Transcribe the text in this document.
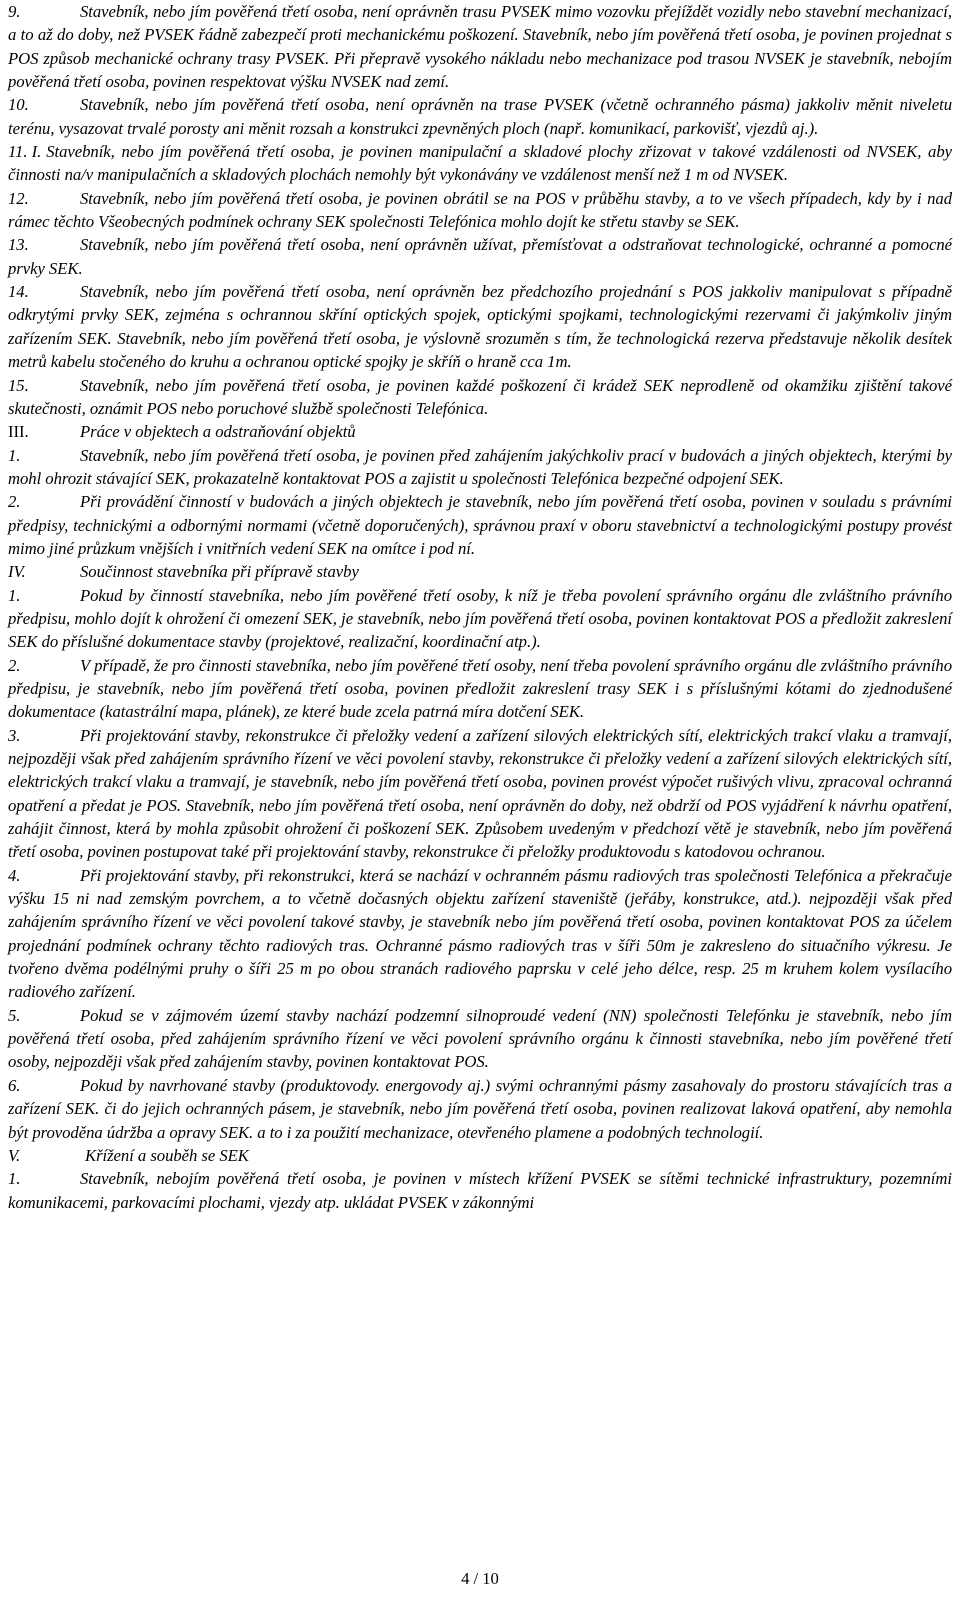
9.	Stavebník, nebo jím pověřená třetí osoba, není oprávněn trasu PVSEK mimo vozovku přejíždět vozidly nebo stavební mechanizací, a to až do doby, než PVSEK řádně zabezpečí proti mechanickému poškození. Stavebník, nebo jím pověřená třetí osoba, je povinen projednat s POS způsob mechanické ochrany trasy PVSEK. Při přepravě vysokého nákladu nebo mechanizace pod trasou NVSEK je stavebník, nebojím pověřená třetí osoba, povinen respektovat výšku NVSEK nad zemí.

10.	Stavebník, nebo jím pověřená třetí osoba, není oprávněn na trase PVSEK (včetně ochranného pásma) jakkoliv měnit niveletu terénu, vysazovat trvalé porosty ani měnit rozsah a konstrukci zpevněných ploch (např. komunikací, parkovišť, vjezdů aj.).

11. I. Stavebník, nebo jím pověřená třetí osoba, je povinen manipulační a skladové plochy zřizovat v takové vzdálenosti od NVSEK, aby činnosti na/v manipulačních a skladových plochách nemohly být vykonávány ve vzdálenost menší než 1 m od NVSEK.

12.	Stavebník, nebo jím pověřená třetí osoba, je povinen obrátil se na POS v průběhu stavby, a to ve všech případech, kdy by i nad rámec těchto Všeobecných podmínek ochrany SEK společnosti Telefónica mohlo dojít ke střetu stavby se SEK.

13.	Stavebník, nebo jím pověřená třetí osoba, není oprávněn užívat, přemísťovat a odstraňovat technologické, ochranné a pomocné prvky SEK.

14.	Stavebník, nebo jím pověřená třetí osoba, není oprávněn bez předchozího projednání s POS jakkoliv manipulovat s případně odkrytými prvky SEK, zejména s ochrannou skříní optických spojek, optickými spojkami, technologickými rezervami či jakýmkoliv jiným zařízením SEK. Stavebník, nebo jím pověřená třetí osoba, je výslovně srozuměn s tím, že technologická rezerva představuje několik desítek metrů kabelu stočeného do kruhu a ochranou optické spojky je skříň o hraně cca 1m.

15.	Stavebník, nebo jím pověřená třetí osoba, je povinen každé poškození či krádež SEK neprodleně od okamžiku zjištění takové skutečnosti, oznámit POS nebo poruchové službě společnosti Telefónica.

III.	Práce v objektech a odstraňování objektů

1.	Stavebník, nebo jím pověřená třetí osoba, je povinen před zahájením jakýchkoliv prací v budovách a jiných objektech, kterými by mohl ohrozit stávající SEK, prokazatelně kontaktovat POS a zajistit u společnosti Telefónica bezpečné odpojení SEK.

2.	Při provádění činností v budovách a jiných objektech je stavebník, nebo jím pověřená třetí osoba, povinen v souladu s právními předpisy, technickými a odbornými normami (včetně doporučených), správnou praxí v oboru stavebnictví a technologickými postupy provést mimo jiné průzkum vnějších i vnitřních vedení SEK na omítce i pod ní.

IV.	Součinnost stavebníka při přípravě stavby

1.	Pokud by činností stavebníka, nebo jím pověřené třetí osoby, k níž je třeba povolení správního orgánu dle zvláštního právního předpisu, mohlo dojít k ohrožení či omezení SEK, je stavebník, nebo jím pověřená třetí osoba, povinen kontaktovat POS a předložit zakreslení SEK do příslušné dokumentace stavby (projektové, realizační, koordinační atp.).

2.	V případě, že pro činnosti stavebníka, nebo jím pověřené třetí osoby, není třeba povolení správního orgánu dle zvláštního právního předpisu, je stavebník, nebo jím pověřená třetí osoba, povinen předložit zakreslení trasy SEK i s příslušnými kótami do zjednodušené dokumentace (katastrální mapa, plánek), ze které bude zcela patrná míra dotčení SEK.

3.	Při projektování stavby, rekonstrukce či přeložky vedení a zařízení silových elektrických sítí, elektrických trakcí vlaku a tramvají, nejpozději však před zahájením správního řízení ve věci povolení stavby, rekonstrukce či přeložky vedení a zařízení silových elektrických sítí, elektrických trakcí vlaku a tramvají, je stavebník, nebo jím pověřená třetí osoba, povinen provést výpočet rušivých vlivu, zpracoval ochranná opatření a předat je POS. Stavebník, nebo jím pověřená třetí osoba, není oprávněn do doby, než obdrží od POS vyjádření k návrhu opatření, zahájit činnost, která by mohla způsobit ohrožení či poškození SEK. Způsobem uvedeným v předchozí větě je stavebník, nebo jím pověřená třetí osoba, povinen postupovat také při projektování stavby, rekonstrukce či přeložky produktovodu s katodovou ochranou.

4.	Při projektování stavby, při rekonstrukci, která se nachází v ochranném pásmu radiových tras společnosti Telefónica a překračuje výšku 15 ni nad zemským povrchem, a to včetně dočasných objektu zařízení staveniště (jeřáby, konstrukce, atd.). nejpozději však před zahájením správního řízení ve věci povolení takové stavby, je stavebník nebo jím pověřená třetí osoba, povinen kontaktovat POS za účelem projednání podmínek ochrany těchto radiových tras. Ochranné pásmo radiových tras v šíři 50m je zakresleno do situačního výkresu. Je tvořeno dvěma podélnými pruhy o šíři 25 m po obou stranách radiového paprsku v celé jeho délce, resp. 25 m kruhem kolem vysílacího radiového zařízení.

5.	Pokud se v zájmovém území stavby nachází podzemní silnoproudé vedení (NN) společnosti Telefónku je stavebník, nebo jím pověřená třetí osoba, před zahájením správního řízení ve věci povolení správního orgánu k činnosti stavebníka, nebo jím pověřené třetí osoby, nejpozději však před zahájením stavby, povinen kontaktovat POS.

6.	Pokud by navrhované stavby (produktovody. energovody aj.) svými ochrannými pásmy zasahovaly do prostoru stávajících tras a zařízení SEK. či do jejich ochranných pásem, je stavebník, nebo jím pověřená třetí osoba, povinen realizovat laková opatření, aby nemohla být provoděna údržba a opravy SEK. a to i za použití mechanizace, otevřeného plamene a podobných technologií.

V.	Křížení a souběh se SEK

1.	Stavebník, nebojím pověřená třetí osoba, je povinen v místech křížení PVSEK se sítěmi technické infrastruktury, pozemními komunikacemi, parkovacími plochami, vjezdy atp. ukládat PVSEK v zákonnými

4 / 10
